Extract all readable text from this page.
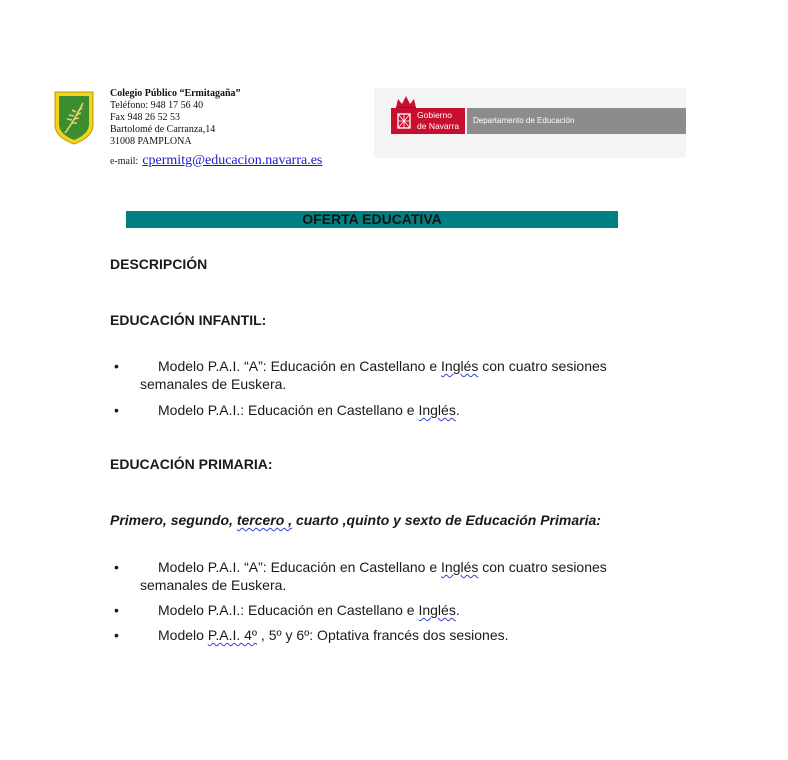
Colegio Público “Ermitagaña”
Teléfono: 948 17 56 40
Fax 948 26 52 53
Bartolomé de Carranza,14
31008 PAMPLONA
e-mail: cpermitg@educacion.navarra.es
Gobierno
de Navarra Departamento de Educación
OFERTA EDUCATIVA
DESCRIPCIÓN
EDUCACIÓN INFANTIL:
•	Modelo P.A.I. “A”: Educación en Castellano e Inglés con cuatro sesiones
semanales de Euskera.
•	Modelo P.A.I.: Educación en Castellano e Inglés.
EDUCACIÓN PRIMARIA:
Primero, segundo, tercero , cuarto ,quinto y sexto de Educación Primaria:
•	Modelo P.A.I. “A”: Educación en Castellano e Inglés con cuatro sesiones
semanales de Euskera.
•	Modelo P.A.I.: Educación en Castellano e Inglés.
•	Modelo P.A.I. 4º , 5º y 6º: Optativa francés dos sesiones.
